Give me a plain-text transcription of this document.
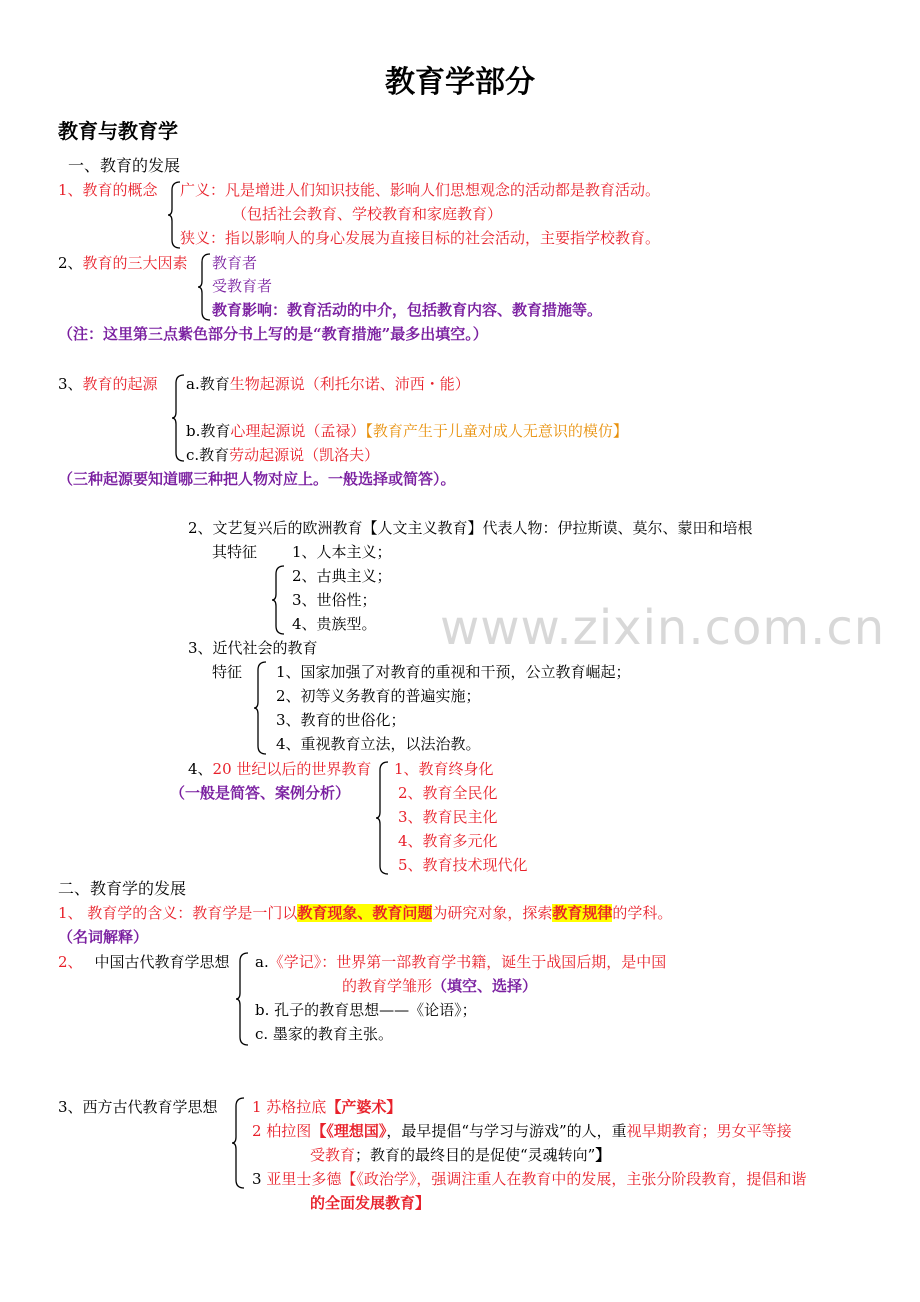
教育学部分
教育与教育学
一、教育的发展
1、教育的概念 广义：凡是增进人们知识技能、影响人们思想观念的活动都是教育活动。
（包括社会教育、学校教育和家庭教育）
狭义：指以影响人的身心发展为直接目标的社会活动，主要指学校教育。
2、教育的三大因素 教育者
受教育者
教育影响：教育活动的中介，包括教育内容、教育措施等。
（注：这里第三点紫色部分书上写的是“教育措施”最多出填空。）
3、教育的起源 a.教育生物起源说（利托尔诺、沛西・能）
b.教育心理起源说（孟禄）【教育产生于儿童对成人无意识的模仿】
c.教育劳动起源说（凯洛夫）
（三种起源要知道哪三种把人物对应上。一般选择或简答）。
2、文艺复兴后的欧洲教育【人文主义教育】代表人物：伊拉斯谟、莫尔、蒙田和培根
其特征 1、人本主义；
2、古典主义；
3、世俗性；
4、贵族型。 www.zixin.com.cn
3、近代社会的教育
特征 1、国家加强了对教育的重视和干预，公立教育崛起；
2、初等义务教育的普遍实施；
3、教育的世俗化；
4、重视教育立法，以法治教。
4、20 世纪以后的世界教育
（一般是简答、案例分析）
1、教育终身化
2、教育全民化
3、教育民主化
4、教育多元化
5、教育技术现代化
二、教育学的发展
1、 教育学的含义：教育学是一门以教育现象、教育问题为研究对象，探索教育规律的学科。
（名词解释）
2、 中国古代教育学思想 a.《学记》：世界第一部教育学书籍，诞生于战国后期，是中国
的教育学雏形（填空、选择）
b. 孔子的教育思想——《论语》；
c. 墨家的教育主张。
3、西方古代教育学思想 1 苏格拉底【产婆术】
2 柏拉图【《理想国》，最早提倡“与学习与游戏”的人，重视早期教育；男女平等接
受教育；教育的最终目的是促使“灵魂转向”】
3 亚里士多德【《政治学》，强调注重人在教育中的发展，主张分阶段教育，提倡和谐
的全面发展教育】
